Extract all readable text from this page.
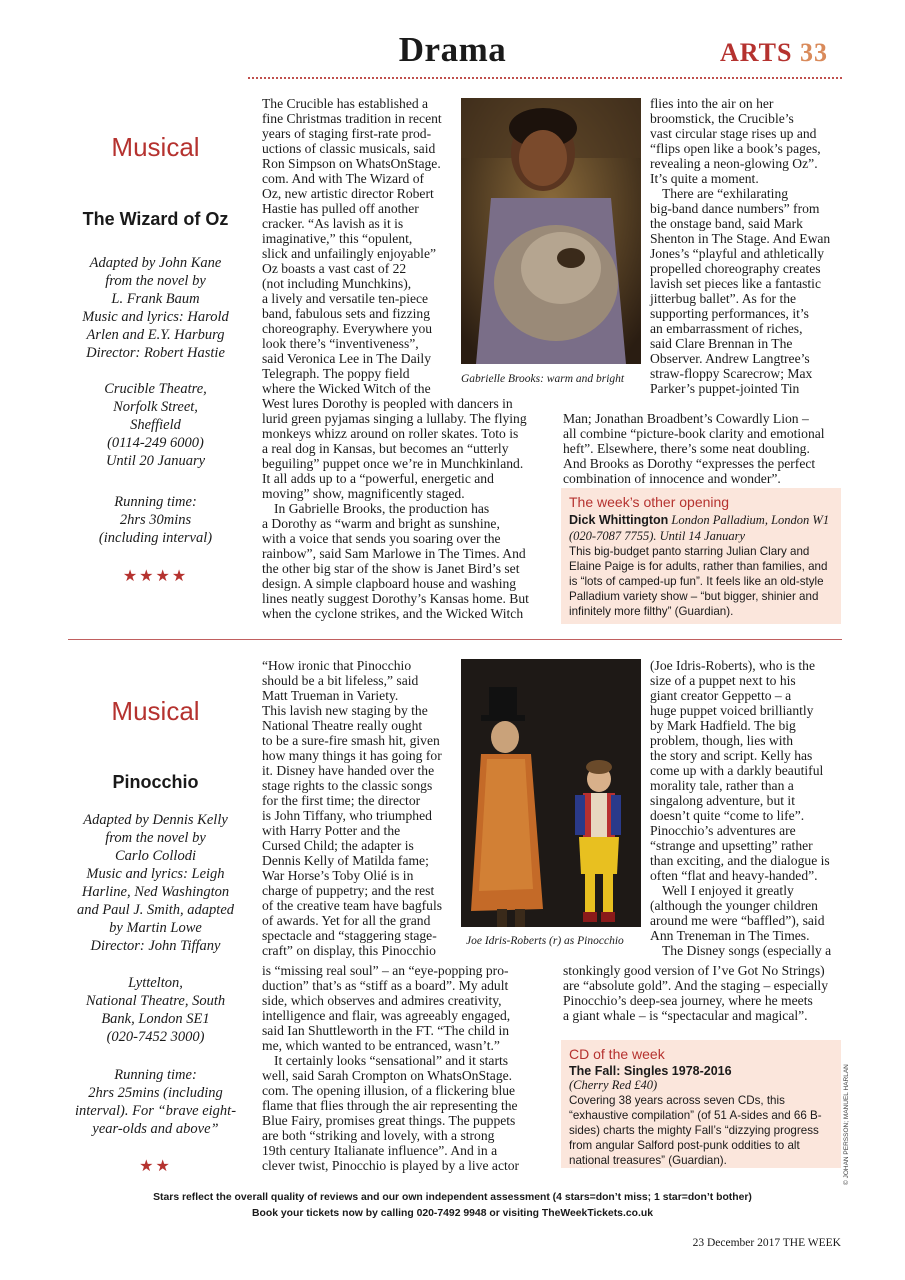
Drama	ARTS 33
Musical
The Wizard of Oz
Adapted by John Kane
from the novel by
L. Frank Baum
Music and lyrics: Harold
Arlen and E.Y. Harburg
Director: Robert Hastie
Crucible Theatre,
Norfolk Street,
Sheffield
(0114-249 6000)
Until 20 January
Running time:
2hrs 30mins
(including interval)
★★★★
Gabrielle Brooks: warm and bright

The Crucible has established a

fine Christmas tradition in recent

years of staging first-rate prod-

uctions of classic musicals, said

Ron Simpson on WhatsOnStage.

com. And with The Wizard of

Oz, new artistic director Robert

Hastie has pulled off another

cracker. “As lavish as it is

imaginative,” this “opulent,

slick and unfailingly enjoyable”

Oz boasts a vast cast of 22

(not including Munchkins),

a lively and versatile ten-piece

band, fabulous sets and fizzing

choreography. Everywhere you

look there’s “inventiveness”,

said Veronica Lee in The Daily

Telegraph. The poppy field

where the Wicked Witch of the

West lures Dorothy is peopled with dancers in

lurid green pyjamas singing a lullaby. The flying

monkeys whizz around on roller skates. Toto is

a real dog in Kansas, but becomes an “utterly

beguiling” puppet once we’re in Munchkinland.

It all adds up to a “powerful, energetic and

moving” show, magnificently staged.

In Gabrielle Brooks, the production has

a Dorothy as “warm and bright as sunshine,

with a voice that sends you soaring over the

rainbow”, said Sam Marlowe in The Times. And

the other big star of the show is Janet Bird’s set

design. A simple clapboard house and washing

lines neatly suggest Dorothy’s Kansas home. But

when the cyclone strikes, and the Wicked Witch

flies into the air on her

broomstick, the Crucible’s

vast circular stage rises up and

“flips open like a book’s pages,

revealing a neon-glowing Oz”.

It’s quite a moment.

There are “exhilarating

big-band dance numbers” from

the onstage band, said Mark

Shenton in The Stage. And Ewan

Jones’s “playful and athletically

propelled choreography creates

lavish set pieces like a fantastic

jitterbug ballet”. As for the

supporting performances, it’s

an embarrassment of riches,

said Clare Brennan in The

Observer. Andrew Langtree’s

straw-floppy Scarecrow; Max

Parker’s puppet-jointed Tin

Man; Jonathan Broadbent’s Cowardly Lion –

all combine “picture-book clarity and emotional

heft”. Elsewhere, there’s some neat doubling.

And Brooks as Dorothy “expresses the perfect

combination of innocence and wonder”.

The week’s other opening
Dick Whittington London Palladium, London W1 (020-7087 7755). Until 14 January
This big-budget panto starring Julian Clary and Elaine Paige is for adults, rather than families, and is “lots of camped-up fun”. It feels like an old-style Palladium variety show – “but bigger, shinier and infinitely more filthy” (Guardian).
Musical
Pinocchio
Adapted by Dennis Kelly
from the novel by
Carlo Collodi
Music and lyrics: Leigh
Harline, Ned Washington
and Paul J. Smith, adapted
by Martin Lowe
Director: John Tiffany
Lyttelton,
National Theatre, South
Bank, London SE1
(020-7452 3000)
Running time:
2hrs 25mins (including
interval). For “brave eight-
year-olds and above”
★★
Joe Idris-Roberts (r) as Pinocchio

“How ironic that Pinocchio

should be a bit lifeless,” said

Matt Trueman in Variety.

This lavish new staging by the

National Theatre really ought

to be a sure-fire smash hit, given

how many things it has going for

it. Disney have handed over the

stage rights to the classic songs

for the first time; the director

is John Tiffany, who triumphed

with Harry Potter and the

Cursed Child; the adapter is

Dennis Kelly of Matilda fame;

War Horse’s Toby Olié is in

charge of puppetry; and the rest

of the creative team have bagfuls

of awards. Yet for all the grand

spectacle and “staggering stage-

craft” on display, this Pinocchio

is “missing real soul” – an “eye-popping pro-

duction” that’s as “stiff as a board”. My adult

side, which observes and admires creativity,

intelligence and flair, was agreeably engaged,

said Ian Shuttleworth in the FT. “The child in

me, which wanted to be entranced, wasn’t.”

It certainly looks “sensational” and it starts

well, said Sarah Crompton on WhatsOnStage.

com. The opening illusion, of a flickering blue

flame that flies through the air representing the

Blue Fairy, promises great things. The puppets

are both “striking and lovely, with a strong

19th century Italianate influence”. And in a

clever twist, Pinocchio is played by a live actor

(Joe Idris-Roberts), who is the

size of a puppet next to his

giant creator Geppetto – a

huge puppet voiced brilliantly

by Mark Hadfield. The big

problem, though, lies with

the story and script. Kelly has

come up with a darkly beautiful

morality tale, rather than a

singalong adventure, but it

doesn’t quite “come to life”.

Pinocchio’s adventures are

“strange and upsetting” rather

than exciting, and the dialogue is

often “flat and heavy-handed”.

Well I enjoyed it greatly

(although the younger children

around me were “baffled”), said

Ann Treneman in The Times.

The Disney songs (especially a

stonkingly good version of I’ve Got No Strings)

are “absolute gold”. And the staging – especially

Pinocchio’s deep-sea journey, where he meets

a giant whale – is “spectacular and magical”.

CD of the week
The Fall: Singles 1978-2016
(Cherry Red £40)
Covering 38 years across seven CDs, this “exhaustive compilation” (of 51 A-sides and 66 B-sides) charts the mighty Fall’s “dizzying progress from angular Salford post-punk oddities to alt national treasures” (Guardian).	© JOHAN PERSSON; MANUEL HARLAN
Stars reflect the overall quality of reviews and our own independent assessment (4 stars=don’t miss; 1 star=don’t bother)
Book your tickets now by calling 020-7492 9948 or visiting TheWeekTickets.co.uk
23 December 2017 THE WEEK
